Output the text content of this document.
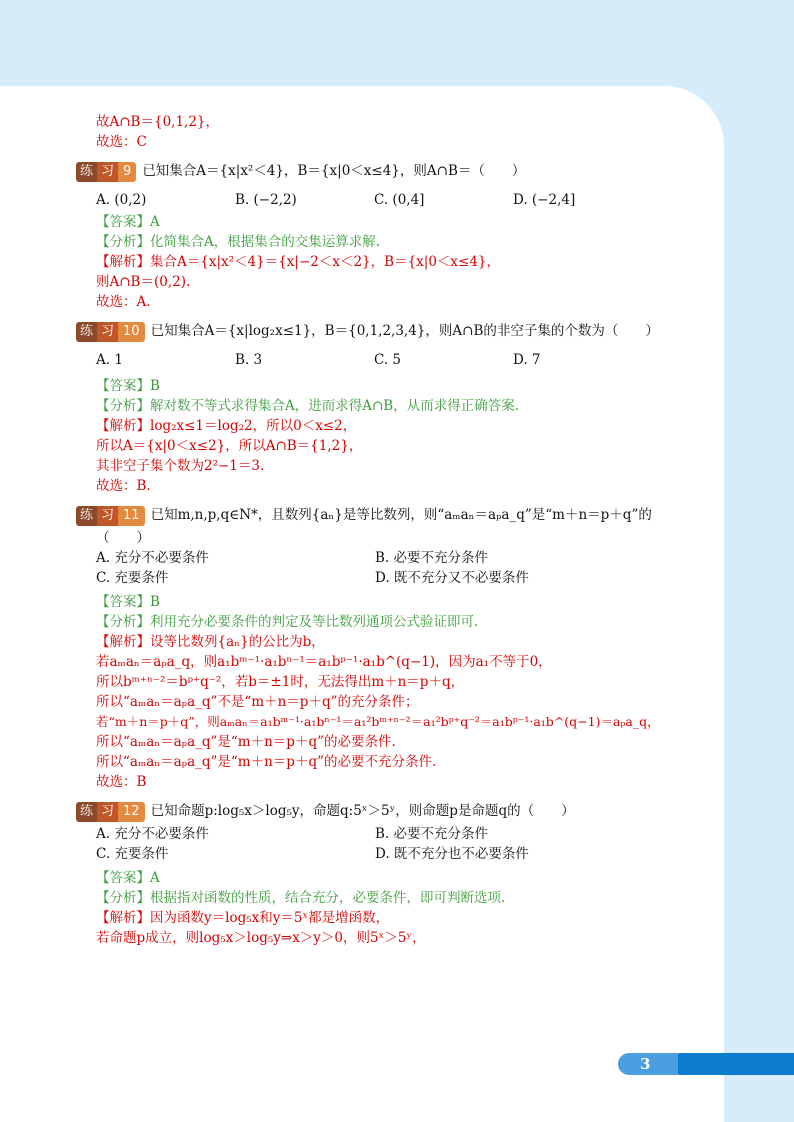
故A∩B＝{0,1,2}，
故选：C
练 习 9 已知集合A＝{x|x²＜4}，B＝{x|0＜x≤4}，则A∩B＝（　　）
A. (0,2)	B. (−2,2)	C. (0,4]	D. (−2,4]
【答案】A
【分析】化简集合A，根据集合的交集运算求解.
【解析】集合A＝{x|x²＜4}＝{x|−2＜x＜2}，B＝{x|0＜x≤4}，
则A∩B＝(0,2).
故选：A.
练 习 10 已知集合A＝{x|log₂x≤1}，B＝{0,1,2,3,4}，则A∩B的非空子集的个数为（　　）
A. 1	B. 3	C. 5	D. 7
【答案】B
【分析】解对数不等式求得集合A，进而求得A∩B，从而求得正确答案.
【解析】log₂x≤1＝log₂2，所以0＜x≤2，
所以A＝{x|0＜x≤2}，所以A∩B＝{1,2}，
其非空子集个数为2²−1＝3.
故选：B.
练 习 11 已知m,n,p,q∈N*，且数列{aₙ}是等比数列，则“aₘaₙ＝aₚa_q”是“m＋n＝p＋q”的
（　　）
A. 充分不必要条件	B. 必要不充分条件
C. 充要条件	D. 既不充分又不必要条件
【答案】B
【分析】利用充分必要条件的判定及等比数列通项公式验证即可.
【解析】设等比数列{aₙ}的公比为b，
若aₘaₙ＝aₚa_q，则a₁bᵐ⁻¹·a₁bⁿ⁻¹＝a₁bᵖ⁻¹·a₁b^(q−1)，因为a₁不等于0，
所以bᵐ⁺ⁿ⁻²＝bᵖ⁺q⁻²，若b＝±1时，无法得出m＋n＝p＋q，
所以“aₘaₙ＝aₚa_q”不是“m＋n＝p＋q”的充分条件；
若“m＋n＝p＋q”，则aₘaₙ＝a₁bᵐ⁻¹·a₁bⁿ⁻¹＝a₁²bᵐ⁺ⁿ⁻²＝a₁²bᵖ⁺q⁻²＝a₁bᵖ⁻¹·a₁b^(q−1)＝aₚa_q，
所以“aₘaₙ＝aₚa_q”是“m＋n＝p＋q”的必要条件.
所以“aₘaₙ＝aₚa_q”是“m＋n＝p＋q”的必要不充分条件.
故选：B
练 习 12 已知命题p:log₅x＞log₅y，命题q:5ˣ＞5ʸ，则命题p是命题q的（　　）
A. 充分不必要条件	B. 必要不充分条件
C. 充要条件	D. 既不充分也不必要条件
【答案】A
【分析】根据指对函数的性质，结合充分，必要条件，即可判断选项.
【解析】因为函数y＝log₅x和y＝5ˣ都是增函数，
若命题p成立，则log₅x＞log₅y⇒x＞y＞0，则5ˣ＞5ʸ，
3
